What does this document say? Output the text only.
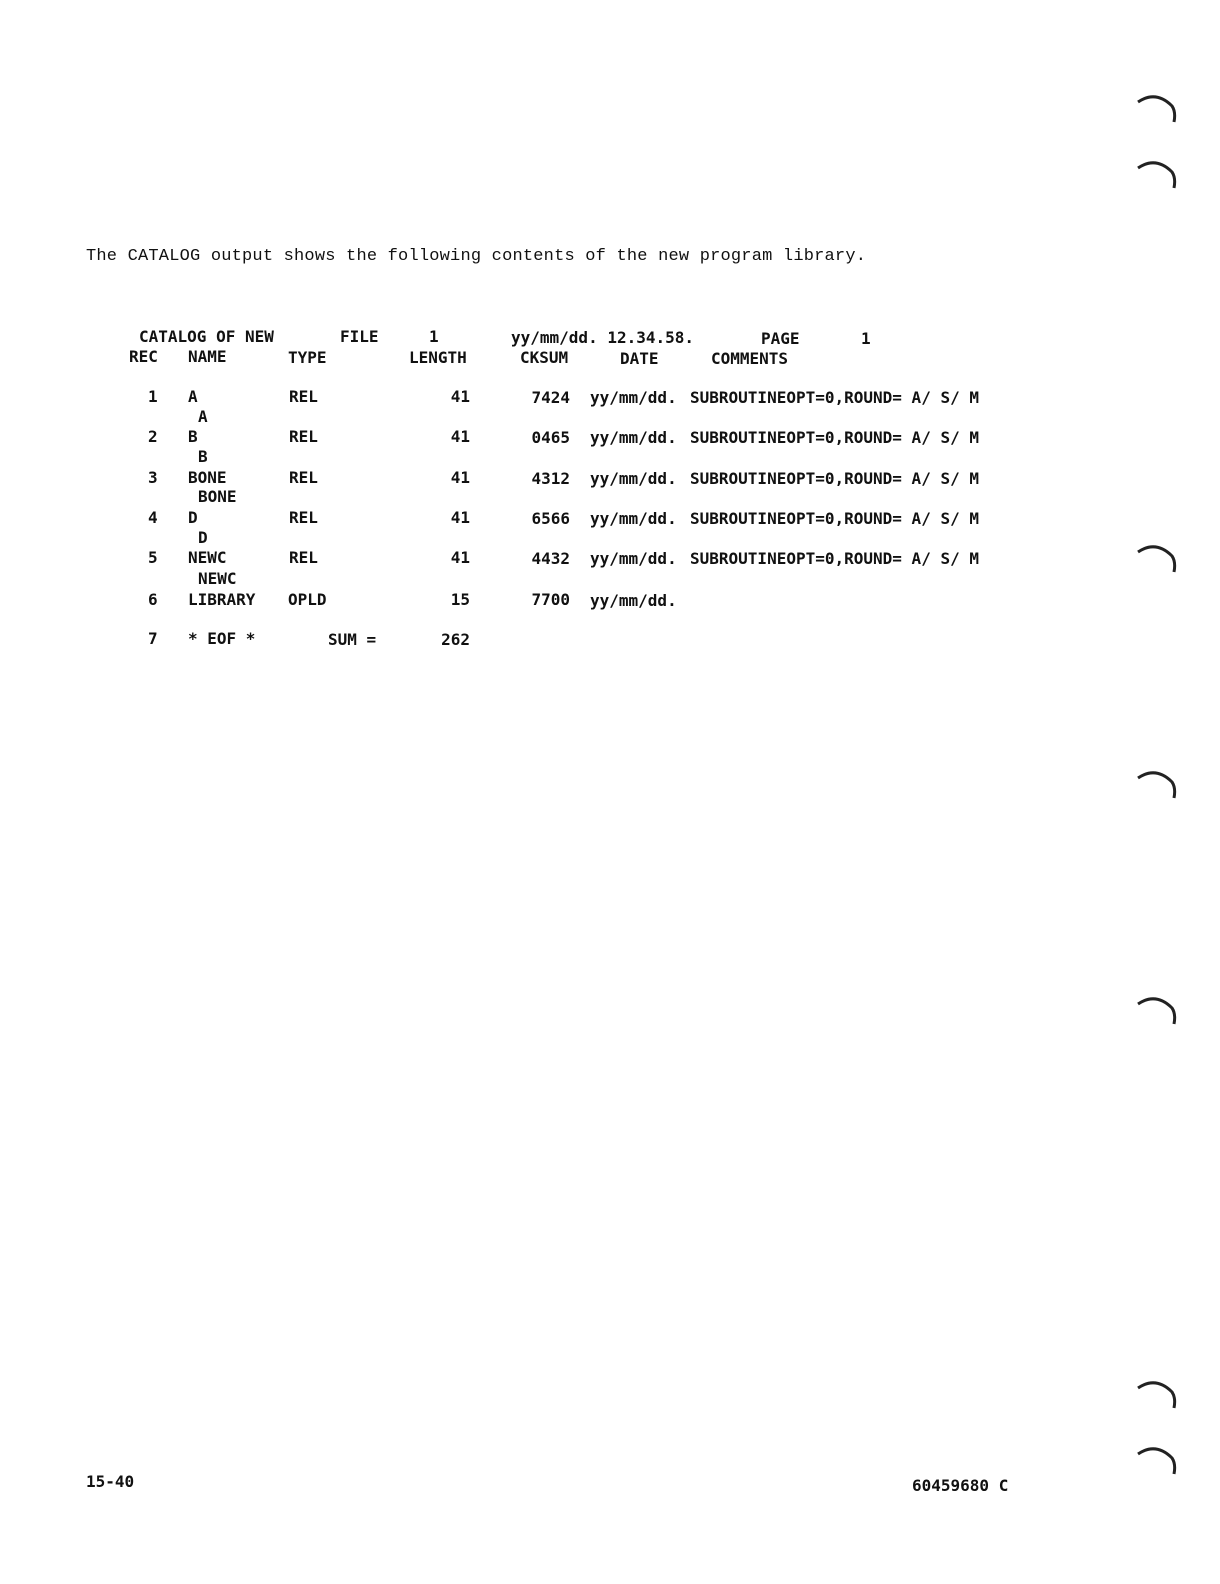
The CATALOG output shows the following contents of the new program library.

CATALOG OF NEW	FILE	1	yy/mm/dd. 12.34.58.	PAGE	1
REC NAME	TYPE	LENGTH	CKSUM	DATE	COMMENTS
1 A	REL	41	7424 yy/mm/dd. SUBROUTINEOPT=0,ROUND= A/ S/ M
A
2 B	REL	41	0465 yy/mm/dd. SUBROUTINEOPT=0,ROUND= A/ S/ M
B
3 BONE	REL	41	4312 yy/mm/dd. SUBROUTINEOPT=0,ROUND= A/ S/ M
BONE
4 D	REL	41	6566 yy/mm/dd. SUBROUTINEOPT=0,ROUND= A/ S/ M
D
5 NEWC	REL	41	4432 yy/mm/dd. SUBROUTINEOPT=0,ROUND= A/ S/ M
NEWC
6 LIBRARY OPLD	15	7700 yy/mm/dd.
7 * EOF *	SUM =	262
15-40	60459680 C
